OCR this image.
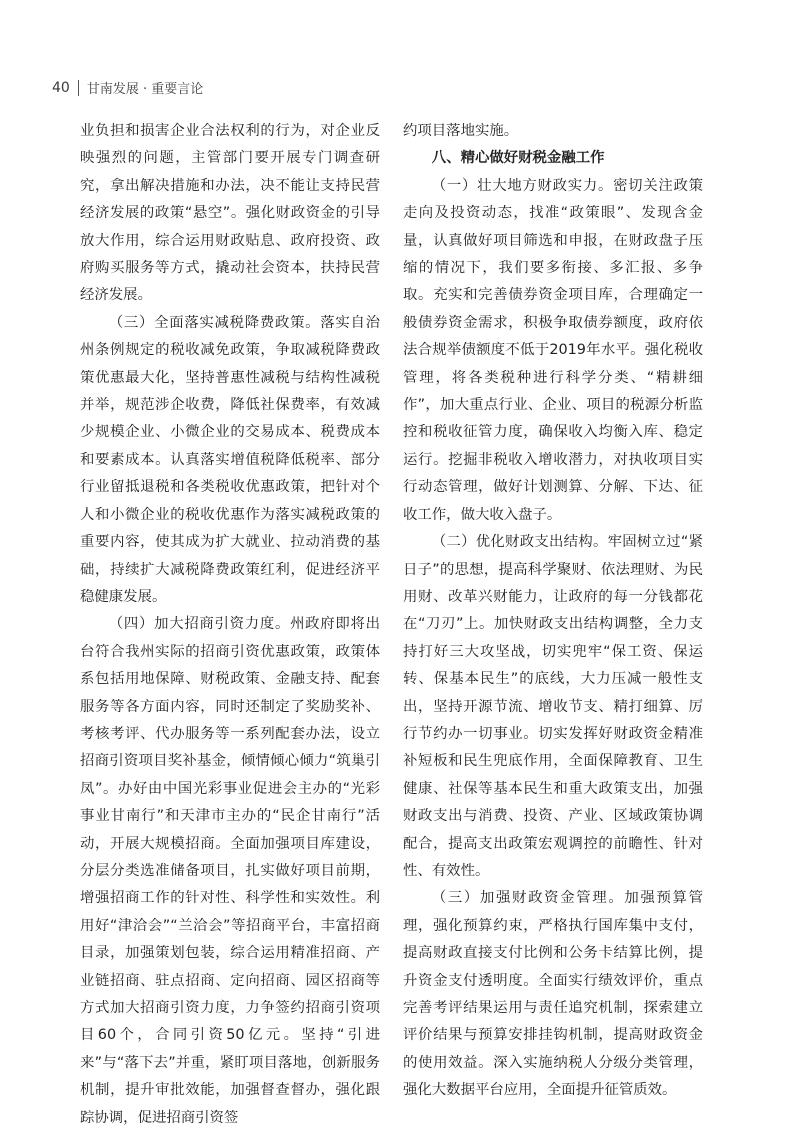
40 甘南发展 · 重要言论

业负担和损害企业合法权利的行为，对企业反映强烈的问题，主管部门要开展专门调查研究，拿出解决措施和办法，决不能让支持民营经济发展的政策“悬空”。强化财政资金的引导放大作用，综合运用财政贴息、政府投资、政府购买服务等方式，撬动社会资本，扶持民营经济发展。

（三）全面落实减税降费政策。落实自治州条例规定的税收减免政策，争取减税降费政策优惠最大化，坚持普惠性减税与结构性减税并举，规范涉企收费，降低社保费率，有效减少规模企业、小微企业的交易成本、税费成本和要素成本。认真落实增值税降低税率、部分行业留抵退税和各类税收优惠政策，把针对个人和小微企业的税收优惠作为落实减税政策的重要内容，使其成为扩大就业、拉动消费的基础，持续扩大减税降费政策红利，促进经济平稳健康发展。

（四）加大招商引资力度。州政府即将出台符合我州实际的招商引资优惠政策，政策体系包括用地保障、财税政策、金融支持、配套服务等各方面内容，同时还制定了奖励奖补、考核考评、代办服务等一系列配套办法，设立招商引资项目奖补基金，倾情倾心倾力“筑巢引凤”。办好由中国光彩事业促进会主办的“光彩事业甘南行”和天津市主办的“民企甘南行”活动，开展大规模招商。全面加强项目库建设，分层分类选准储备项目，扎实做好项目前期，增强招商工作的针对性、科学性和实效性。利用好“津洽会”“兰洽会”等招商平台，丰富招商目录，加强策划包装，综合运用精准招商、产业链招商、驻点招商、定向招商、园区招商等方式加大招商引资力度，力争签约招商引资项目60个，合同引资50亿元。坚持“引进来”与“落下去”并重，紧盯项目落地，创新服务机制，提升审批效能，加强督查督办，强化跟踪协调，促进招商引资签

约项目落地实施。

八、精心做好财税金融工作

（一）壮大地方财政实力。密切关注政策走向及投资动态，找准“政策眼”、发现含金量，认真做好项目筛选和申报，在财政盘子压缩的情况下，我们要多衔接、多汇报、多争取。充实和完善债券资金项目库，合理确定一般债券资金需求，积极争取债券额度，政府依法合规举债额度不低于2019年水平。强化税收管理，将各类税种进行科学分类、“精耕细作”，加大重点行业、企业、项目的税源分析监控和税收征管力度，确保收入均衡入库、稳定运行。挖掘非税收入增收潜力，对执收项目实行动态管理，做好计划测算、分解、下达、征收工作，做大收入盘子。

（二）优化财政支出结构。牢固树立过“紧日子”的思想，提高科学聚财、依法理财、为民用财、改革兴财能力，让政府的每一分钱都花在“刀刃”上。加快财政支出结构调整，全力支持打好三大攻坚战，切实兜牢“保工资、保运转、保基本民生”的底线，大力压减一般性支出，坚持开源节流、增收节支、精打细算、厉行节约办一切事业。切实发挥好财政资金精准补短板和民生兜底作用，全面保障教育、卫生健康、社保等基本民生和重大政策支出，加强财政支出与消费、投资、产业、区域政策协调配合，提高支出政策宏观调控的前瞻性、针对性、有效性。

（三）加强财政资金管理。加强预算管理，强化预算约束，严格执行国库集中支付，提高财政直接支付比例和公务卡结算比例，提升资金支付透明度。全面实行绩效评价，重点完善考评结果运用与责任追究机制，探索建立评价结果与预算安排挂钩机制，提高财政资金的使用效益。深入实施纳税人分级分类管理，强化大数据平台应用，全面提升征管质效。
